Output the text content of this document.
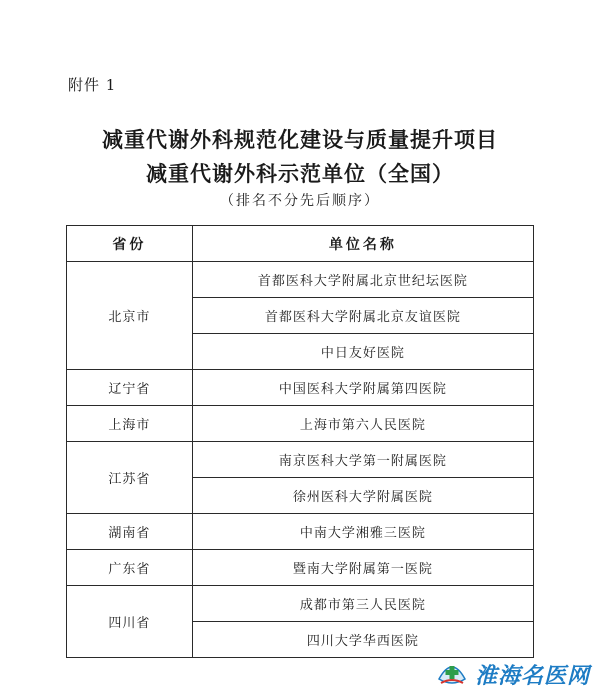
附件 1
减重代谢外科规范化建设与质量提升项目
减重代谢外科示范单位（全国）
（排名不分先后顺序）
省份	单位名称
北京市	首都医科大学附属北京世纪坛医院
	首都医科大学附属北京友谊医院
	中日友好医院
辽宁省	中国医科大学附属第四医院
上海市	上海市第六人民医院
江苏省	南京医科大学第一附属医院
	徐州医科大学附属医院
湖南省	中南大学湘雅三医院
广东省	暨南大学附属第一医院
四川省	成都市第三人民医院
	四川大学华西医院
淮海名医网
